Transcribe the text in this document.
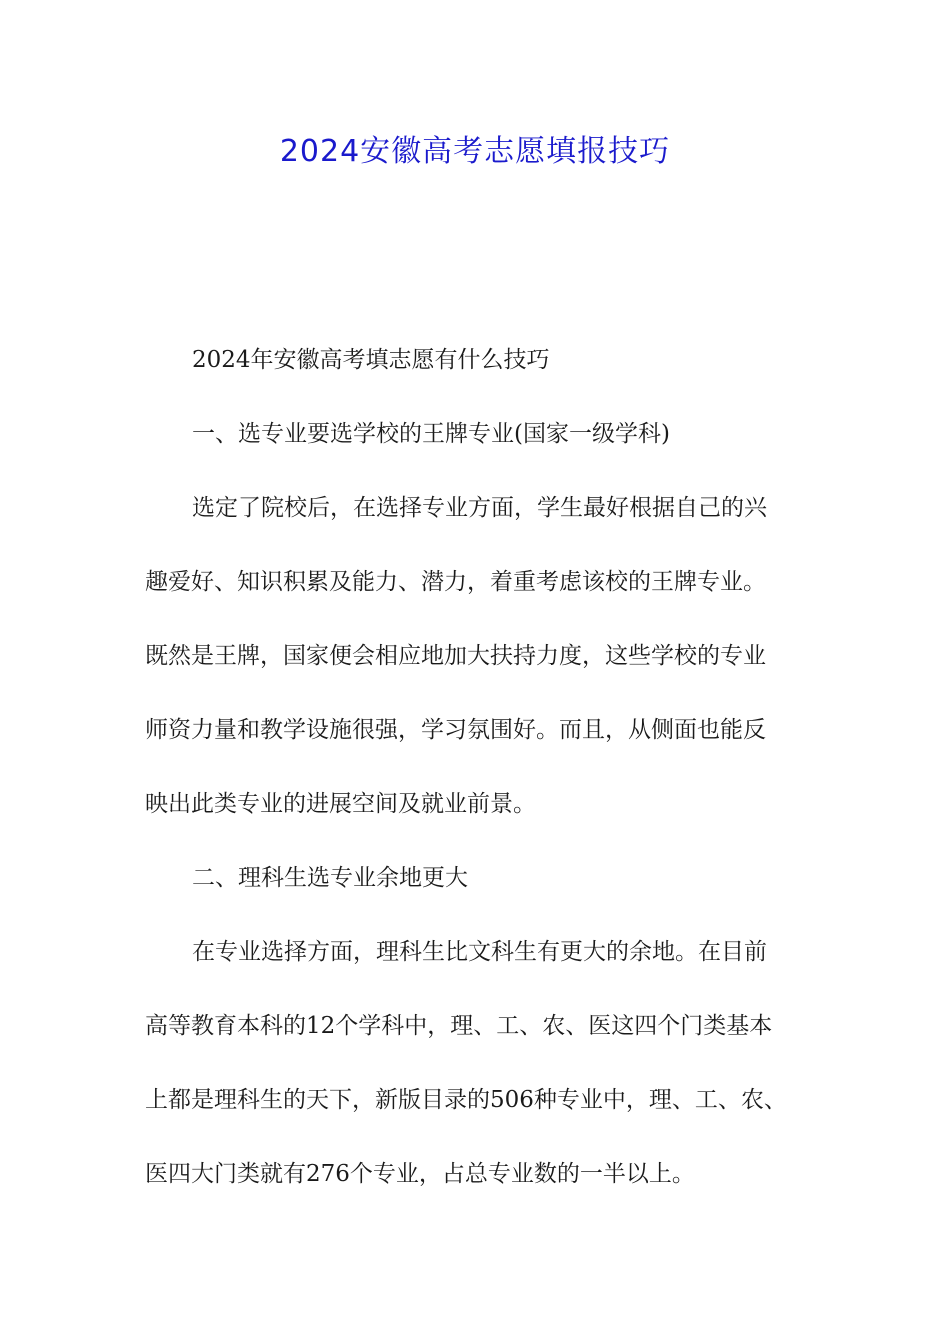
2024安徽高考志愿填报技巧
2024年安徽高考填志愿有什么技巧
一、选专业要选学校的王牌专业(国家一级学科)
选定了院校后，在选择专业方面，学生最好根据自己的兴
趣爱好、知识积累及能力、潜力，着重考虑该校的王牌专业。
既然是王牌，国家便会相应地加大扶持力度，这些学校的专业
师资力量和教学设施很强，学习氛围好。而且，从侧面也能反
映出此类专业的进展空间及就业前景。
二、理科生选专业余地更大
在专业选择方面，理科生比文科生有更大的余地。在目前
高等教育本科的12个学科中，理、工、农、医这四个门类基本
上都是理科生的天下，新版目录的506种专业中，理、工、农、
医四大门类就有276个专业，占总专业数的一半以上。
